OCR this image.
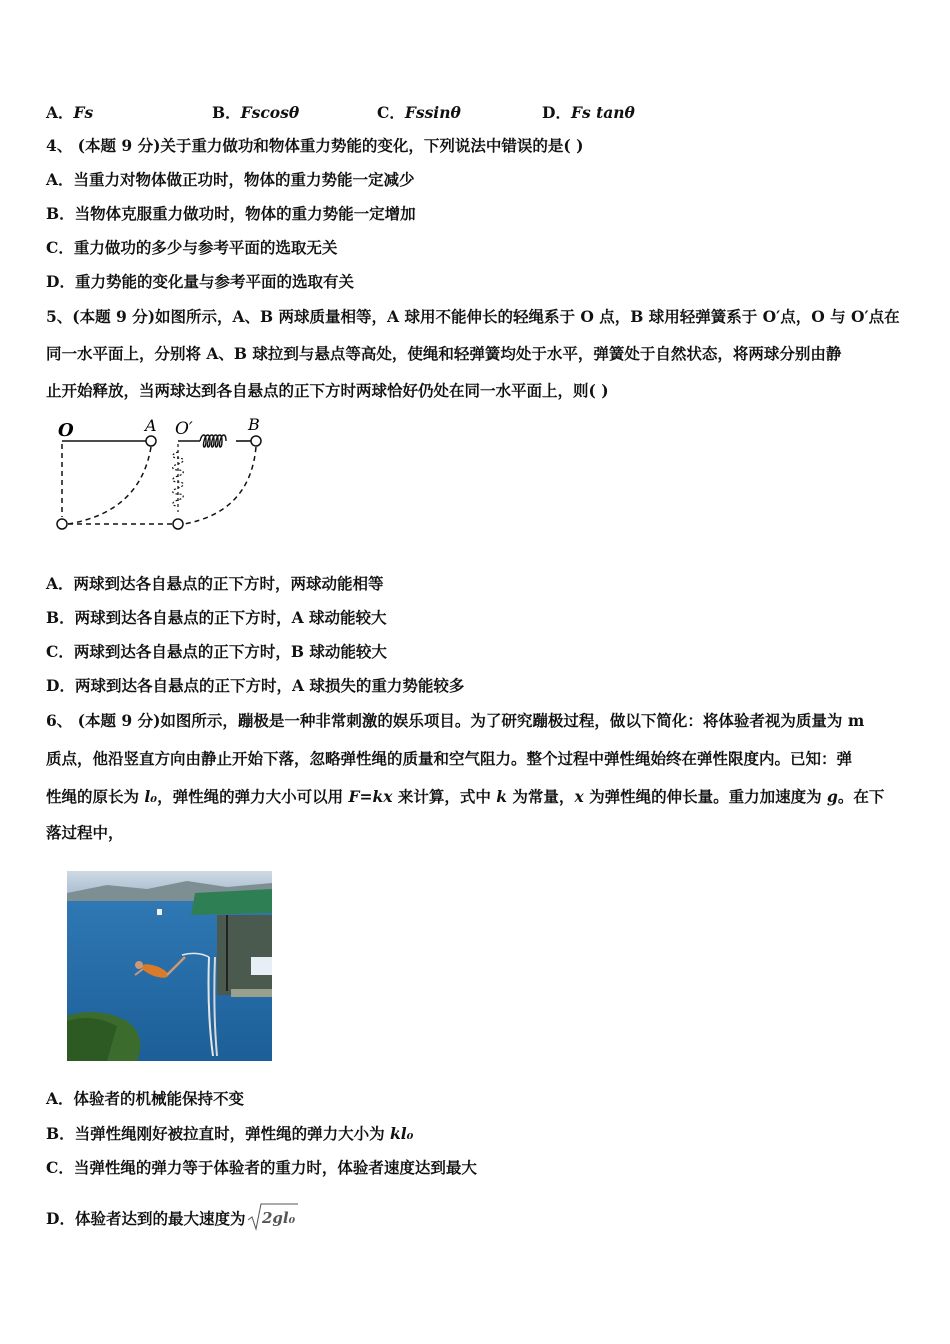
A．Fs	B．Fscosθ	C．Fssinθ	D．Fs tanθ
4、 (本题 9 分)关于重力做功和物体重力势能的变化，下列说法中错误的是( )
A．当重力对物体做正功时，物体的重力势能一定减少
B．当物体克服重力做功时，物体的重力势能一定增加
C．重力做功的多少与参考平面的选取无关
D．重力势能的变化量与参考平面的选取有关
5、(本题 9 分)如图所示，A、B 两球质量相等，A 球用不能伸长的轻绳系于 O 点，B 球用轻弹簧系于 O′点，O 与 O′点在
同一水平面上，分别将 A、B 球拉到与悬点等高处，使绳和轻弹簧均处于水平，弹簧处于自然状态，将两球分别由静
止开始释放，当两球达到各自悬点的正下方时两球恰好仍处在同一水平面上，则( )
O	A O′	B
A．两球到达各自悬点的正下方时，两球动能相等
B．两球到达各自悬点的正下方时，A 球动能较大
C．两球到达各自悬点的正下方时，B 球动能较大
D．两球到达各自悬点的正下方时，A 球损失的重力势能较多
6、 (本题 9 分)如图所示，蹦极是一种非常刺激的娱乐项目。为了研究蹦极过程，做以下简化：将体验者视为质量为 m
质点，他沿竖直方向由静止开始下落，忽略弹性绳的质量和空气阻力。整个过程中弹性绳始终在弹性限度内。已知：弹
性绳的原长为 l₀，弹性绳的弹力大小可以用 F=kx 来计算，式中 k 为常量，x 为弹性绳的伸长量。重力加速度为 g。在下
落过程中，
A．体验者的机械能保持不变
B．当弹性绳刚好被拉直时，弹性绳的弹力大小为 kl₀
C．当弹性绳的弹力等于体验者的重力时，体验者速度达到最大
D．体验者达到的最大速度为 2gl₀
